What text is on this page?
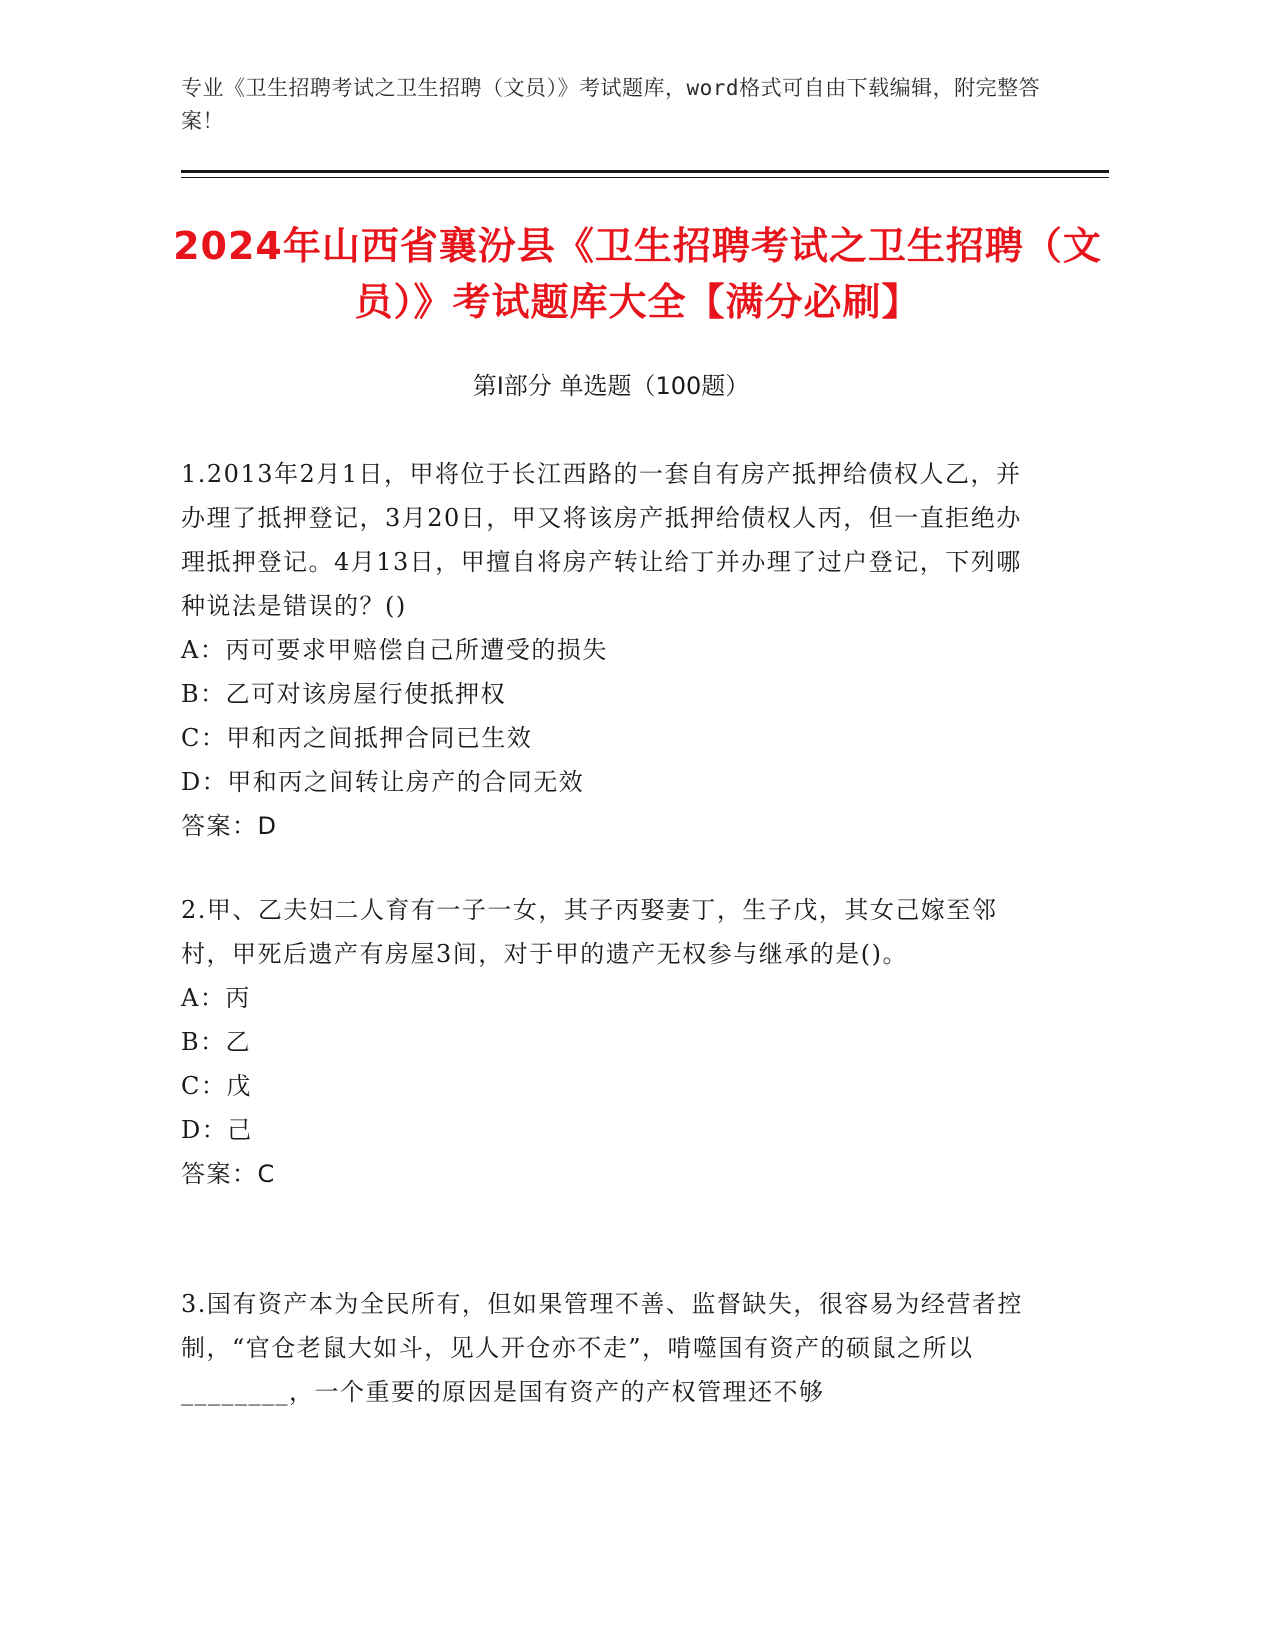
专业《卫生招聘考试之卫生招聘（文员）》考试题库，word格式可自由下载编辑，附完整答案！
2024年山西省襄汾县《卫生招聘考试之卫生招聘（文员）》考试题库大全【满分必刷】
第Ⅰ部分 单选题（100题）

1.2013年2月1日，甲将位于长江西路的一套自有房产抵押给债权人乙，并办理了抵押登记，3月20日，甲又将该房产抵押给债权人丙，但一直拒绝办理抵押登记。4月13日，甲擅自将房产转让给丁并办理了过户登记，下列哪种说法是错误的？()

A：丙可要求甲赔偿自己所遭受的损失

B：乙可对该房屋行使抵押权

C：甲和丙之间抵押合同已生效

D：甲和丙之间转让房产的合同无效

答案：D

2.甲、乙夫妇二人育有一子一女，其子丙娶妻丁，生子戊，其女己嫁至邻村，甲死后遗产有房屋3间，对于甲的遗产无权参与继承的是()。

A：丙

B：乙

C：戊

D：己

答案：C

3.国有资产本为全民所有，但如果管理不善、监督缺失，很容易为经营者控制，“官仓老鼠大如斗，见人开仓亦不走”，啃噬国有资产的硕鼠之所以________，一个重要的原因是国有资产的产权管理还不够
